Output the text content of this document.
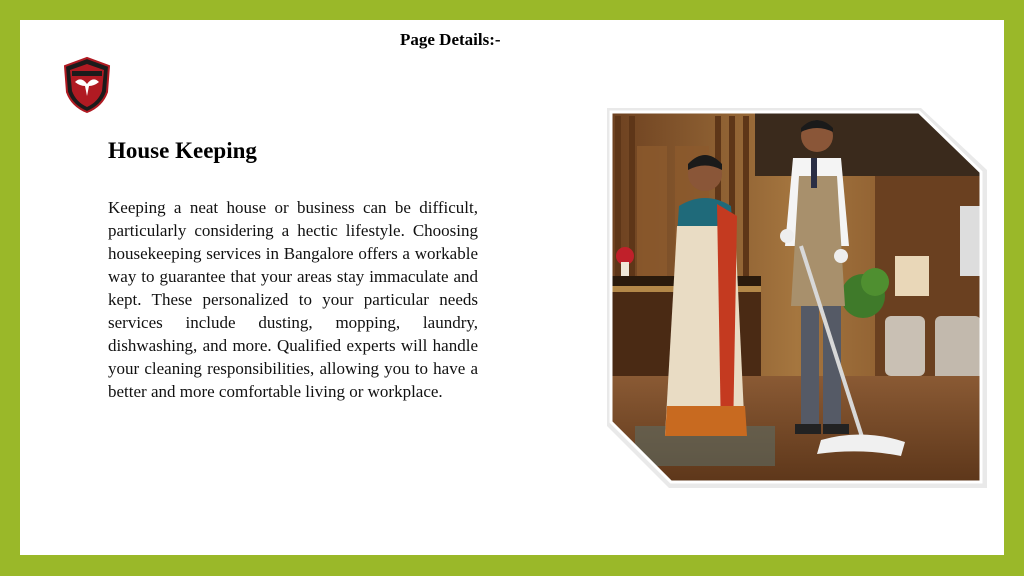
Page Details:-
House Keeping

Keeping a neat house or business can be difficult, particularly considering a hectic lifestyle. Choosing housekeeping services in Bangalore offers a workable way to guarantee that your areas stay immaculate and kept. These personalized to your particular needs services include dusting, mopping, laundry, dishwashing, and more. Qualified experts will handle your cleaning responsibilities, allowing you to have a better and more comfortable living or workplace.
